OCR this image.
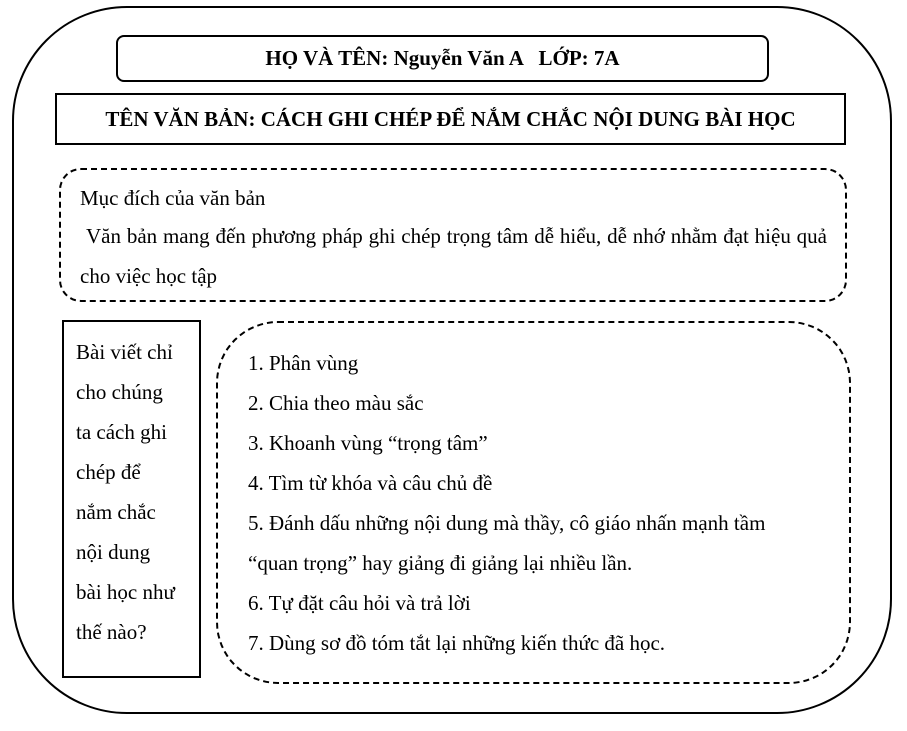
HỌ VÀ TÊN: Nguyễn Văn A   LỚP: 7A
TÊN VĂN BẢN: CÁCH GHI CHÉP ĐỂ NẮM CHẮC NỘI DUNG BÀI HỌC
Mục đích của văn bản
Văn bản mang đến phương pháp ghi chép trọng tâm dễ hiểu, dễ nhớ nhằm đạt hiệu quả cho việc học tập
Bài viết chỉ
cho chúng
ta cách ghi
chép để
nắm chắc
nội dung
bài học như
thế nào?
1. Phân vùng
2. Chia theo màu sắc
3. Khoanh vùng “trọng tâm”
4. Tìm từ khóa và câu chủ đề
5. Đánh dấu những nội dung mà thầy, cô giáo nhấn mạnh tầm
“quan trọng” hay giảng đi giảng lại nhiều lần.
6. Tự đặt câu hỏi và trả lời
7. Dùng sơ đồ tóm tắt lại những kiến thức đã học.
